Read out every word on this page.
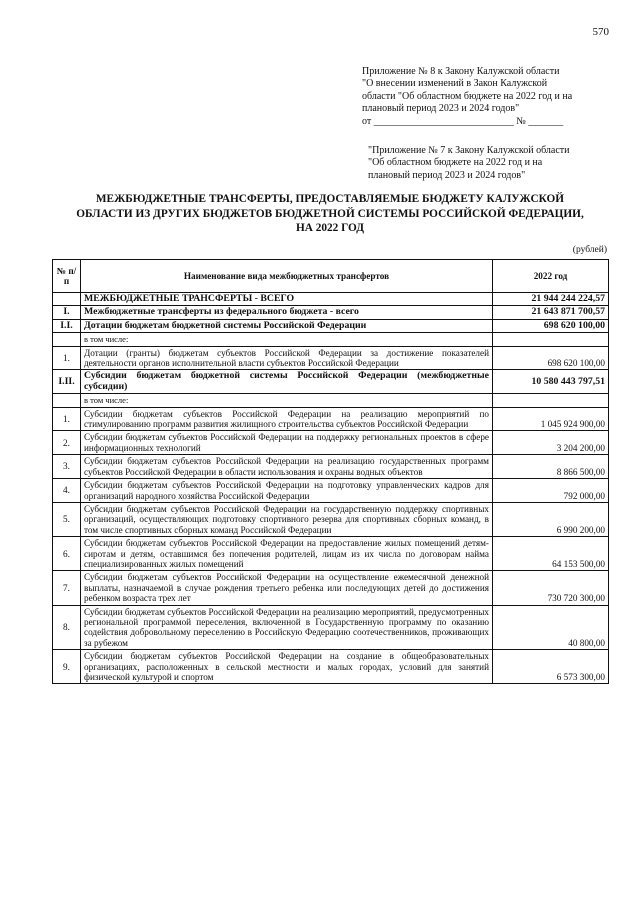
570
Приложение № 8 к Закону Калужской области
"О внесении изменений в Закон Калужской
области "Об областном бюджете на 2022 год и на
плановый период 2023 и 2024 годов"
от ____________________________ № _______
"Приложение № 7 к Закону Калужской области
"Об областном бюджете на 2022 год и на
плановый период 2023 и 2024 годов"
МЕЖБЮДЖЕТНЫЕ ТРАНСФЕРТЫ, ПРЕДОСТАВЛЯЕМЫЕ БЮДЖЕТУ КАЛУЖСКОЙ
ОБЛАСТИ ИЗ ДРУГИХ БЮДЖЕТОВ БЮДЖЕТНОЙ СИСТЕМЫ РОССИЙСКОЙ ФЕДЕРАЦИИ,
НА 2022 ГОД
(рублей)
№ п/п	Наименование вида межбюджетных трансфертов	2022 год
	МЕЖБЮДЖЕТНЫЕ ТРАНСФЕРТЫ - ВСЕГО	21 944 244 224,57
I.	Межбюджетные трансферты из федерального бюджета - всего	21 643 871 700,57
I.I.	Дотации бюджетам бюджетной системы Российской Федерации	698 620 100,00
	в том числе:	
1.	Дотации (гранты) бюджетам субъектов Российской Федерации за достижение показателей деятельности органов исполнительной власти субъектов Российской Федерации	698 620 100,00
I.II.	Субсидии бюджетам бюджетной системы Российской Федерации (межбюджетные субсидии)	10 580 443 797,51
	в том числе:	
1.	Субсидии бюджетам субъектов Российской Федерации на реализацию мероприятий по стимулированию программ развития жилищного строительства субъектов Российской Федерации	1 045 924 900,00
2.	Субсидии бюджетам субъектов Российской Федерации на поддержку региональных проектов в сфере информационных технологий	3 204 200,00
3.	Субсидии бюджетам субъектов Российской Федерации на реализацию государственных программ субъектов Российской Федерации в области использования и охраны водных объектов	8 866 500,00
4.	Субсидии бюджетам субъектов Российской Федерации на подготовку управленческих кадров для организаций народного хозяйства Российской Федерации	792 000,00
5.	Субсидии бюджетам субъектов Российской Федерации на государственную поддержку спортивных организаций, осуществляющих подготовку спортивного резерва для спортивных сборных команд, в том числе спортивных сборных команд Российской Федерации	6 990 200,00
6.	Субсидии бюджетам субъектов Российской Федерации на предоставление жилых помещений детям-сиротам и детям, оставшимся без попечения родителей, лицам из их числа по договорам найма специализированных жилых помещений	64 153 500,00
7.	Субсидии бюджетам субъектов Российской Федерации на осуществление ежемесячной денежной выплаты, назначаемой в случае рождения третьего ребенка или последующих детей до достижения ребенком возраста трех лет	730 720 300,00
8.	Субсидии бюджетам субъектов Российской Федерации на реализацию мероприятий, предусмотренных региональной программой переселения, включенной в Государственную программу по оказанию содействия добровольному переселению в Российскую Федерацию соотечественников, проживающих за рубежом	40 800,00
9.	Субсидии бюджетам субъектов Российской Федерации на создание в общеобразовательных организациях, расположенных в сельской местности и малых городах, условий для занятий физической культурой и спортом	6 573 300,00
